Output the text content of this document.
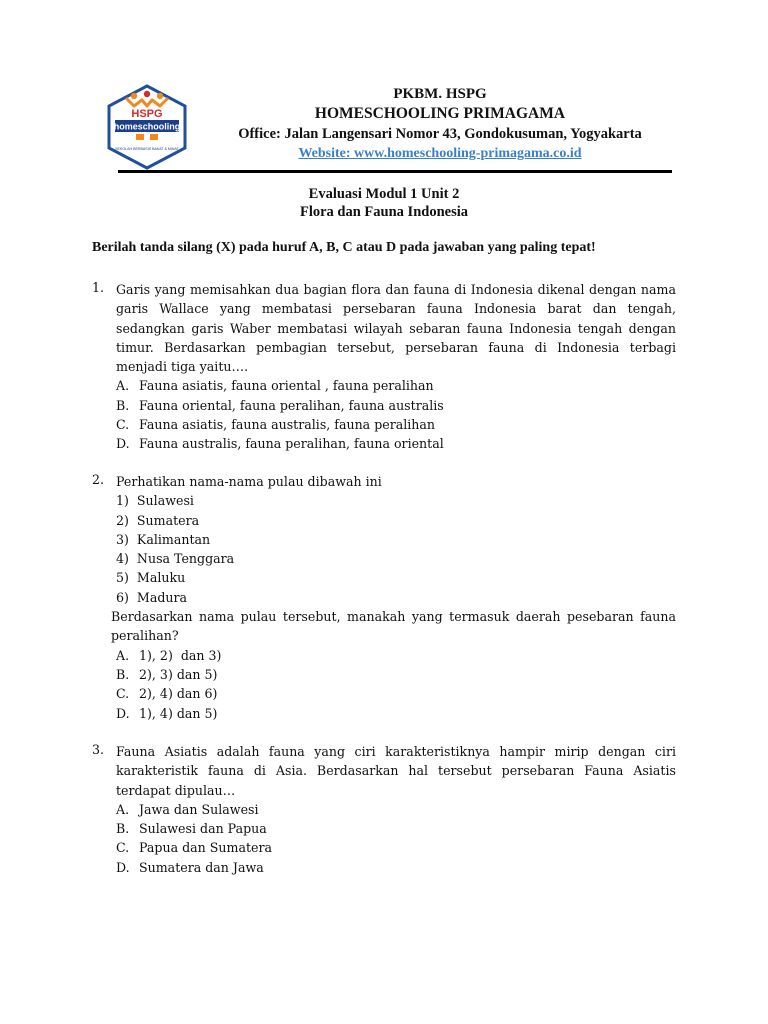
HSPG
homeschooling
SEKOLAH BERBASIS BAKAT & MINAT
PKBM. HSPG
HOMESCHOOLING PRIMAGAMA
Office: Jalan Langensari Nomor 43, Gondokusuman, Yogyakarta
Website: www.homeschooling-primagama.co.id
Evaluasi Modul 1 Unit 2
Flora dan Fauna Indonesia
Berilah tanda silang (X) pada huruf A, B, C atau D pada jawaban yang paling tepat!
1. Garis yang memisahkan dua bagian flora dan fauna di Indonesia dikenal dengan nama garis Wallace yang membatasi persebaran fauna Indonesia barat dan tengah, sedangkan garis Waber membatasi wilayah sebaran fauna Indonesia tengah dengan timur. Berdasarkan pembagian tersebut, persebaran fauna di Indonesia terbagi menjadi tiga yaitu….
A. Fauna asiatis, fauna oriental , fauna peralihan
B. Fauna oriental, fauna peralihan, fauna australis
C. Fauna asiatis, fauna australis, fauna peralihan
D. Fauna australis, fauna peralihan, fauna oriental
2. Perhatikan nama-nama pulau dibawah ini
1)  Sulawesi
2)  Sumatera
3)  Kalimantan
4)  Nusa Tenggara
5)  Maluku
6)  Madura
Berdasarkan nama pulau tersebut, manakah yang termasuk daerah pesebaran fauna peralihan?
A. 1), 2)  dan 3)
B. 2), 3) dan 5)
C. 2), 4) dan 6)
D. 1), 4) dan 5)
3. Fauna Asiatis adalah fauna yang ciri karakteristiknya hampir mirip dengan ciri karakteristik fauna di Asia. Berdasarkan hal tersebut persebaran Fauna Asiatis terdapat dipulau…
A. Jawa dan Sulawesi
B. Sulawesi dan Papua
C. Papua dan Sumatera
D. Sumatera dan Jawa
